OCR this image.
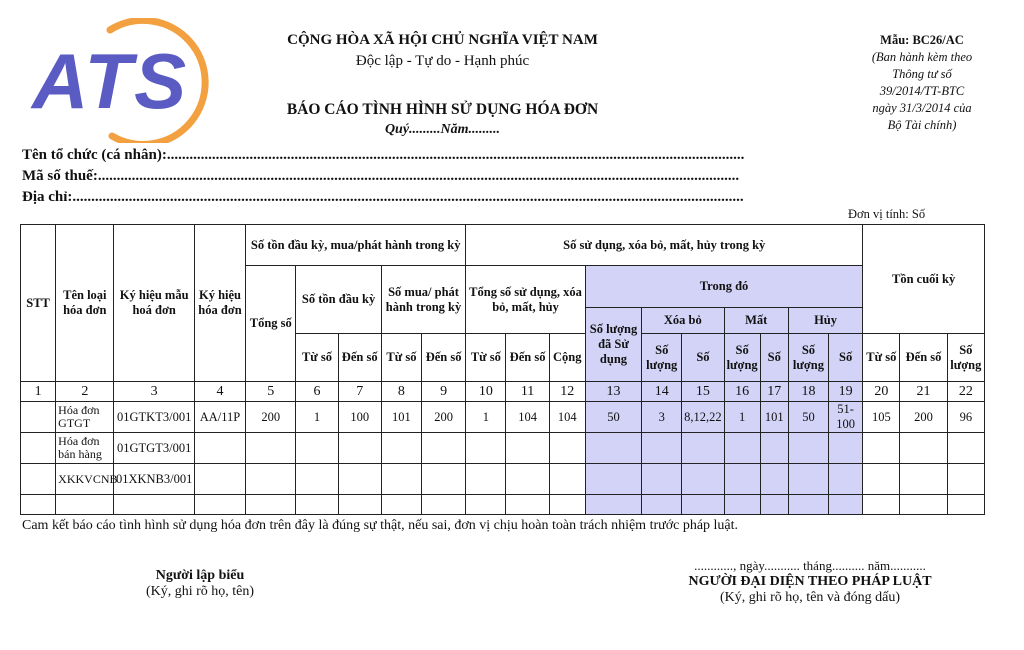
ATS	CỘNG HÒA XÃ HỘI CHỦ NGHĨA VIỆT NAM
Độc lập - Tự do - Hạnh phúc
BÁO CÁO TÌNH HÌNH SỬ DỤNG HÓA ĐƠN
Quý.........Năm.........
Mẫu: BC26/AC
(Ban hành kèm theo
Thông tư số
39/2014/TT-BTC
ngày 31/3/2014 của
Bộ Tài chính)
Tên tổ chức (cá nhân):..........................................................................................................................................................
Mã số thuế:...........................................................................................................................................................................
Địa chỉ:...................................................................................................................................................................................
Đơn vị tính: Số
STT	Tên loại hóa đơn	Ký hiệu mẫu hoá đơn	Ký hiệu hóa đơn	Số tồn đầu kỳ, mua/phát hành trong kỳ					Số sử dụng, xóa bỏ, mất, hủy trong kỳ										Tồn cuối kỳ		
				Tổng số	Số tồn đầu kỳ		Số mua/ phát hành trong kỳ		Tổng số sử dụng, xóa bỏ, mất, hủy			Trong đó									
												Số lượng đã Sử dụng	Xóa bỏ		Mất		Hủy				
					Từ số	Đến số	Từ số	Đến số	Từ số	Đến số	Cộng		Số lượng	Số	Số lượng	Số	Số lượng	Số	Từ số	Đến số	Số lượng
1	2	3	4	5	6	7	8	9	10	11	12	13	14	15	16	17	18	19	20	21	22
	Hóa đơn GTGT	01GTKT3/001	AA/11P	200	1	100	101	200	1	104	104	50	3	8,12,22	1	101	50	51-100	105	200	96
	Hóa đơn bán hàng	01GTGT3/001																			
	XKKVCNB	01XKNB3/001																			

Cam kết báo cáo tình hình sử dụng hóa đơn trên đây là đúng sự thật, nếu sai, đơn vị chịu hoàn toàn trách nhiệm trước pháp luật.
Người lập biểu
(Ký, ghi rõ họ, tên)
............, ngày........... tháng.......... năm...........
NGƯỜI ĐẠI DIỆN THEO PHÁP LUẬT
(Ký, ghi rõ họ, tên và đóng dấu)
